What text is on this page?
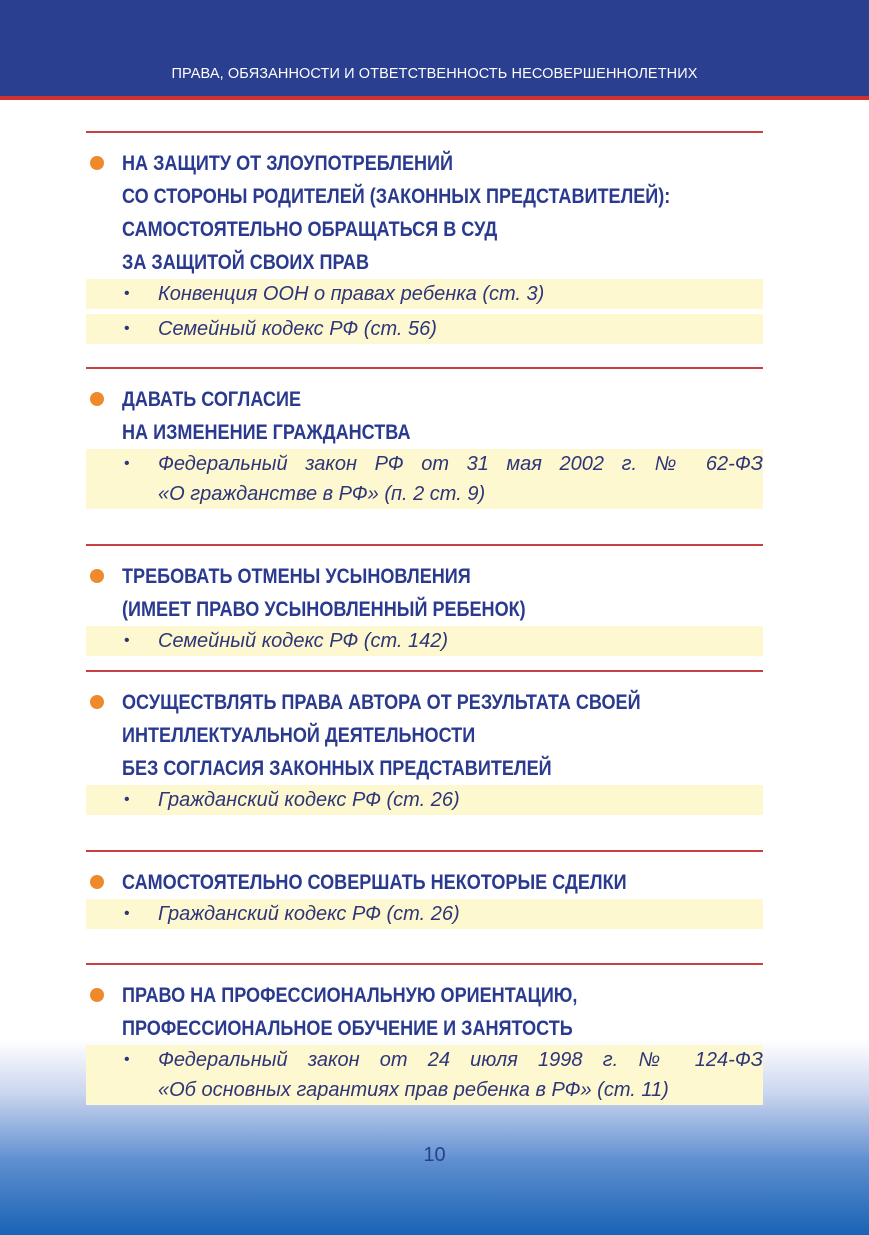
ПРАВА, ОБЯЗАННОСТИ И ОТВЕТСТВЕННОСТЬ НЕСОВЕРШЕННОЛЕТНИХ
НА ЗАЩИТУ ОТ ЗЛОУПОТРЕБЛЕНИЙ
СО СТОРОНЫ РОДИТЕЛЕЙ (ЗАКОННЫХ ПРЕДСТАВИТЕЛЕЙ):
САМОСТОЯТЕЛЬНО ОБРАЩАТЬСЯ В СУД
ЗА ЗАЩИТОЙ СВОИХ ПРАВ
• Конвенция ООН о правах ребенка (ст. 3)
• Семейный кодекс РФ (ст. 56)
ДАВАТЬ СОГЛАСИЕ
НА ИЗМЕНЕНИЕ ГРАЖДАНСТВА
• Федеральный закон РФ от 31 мая 2002 г. № 62-ФЗ
«О гражданстве в РФ» (п. 2 ст. 9)
ТРЕБОВАТЬ ОТМЕНЫ УСЫНОВЛЕНИЯ
(ИМЕЕТ ПРАВО УСЫНОВЛЕННЫЙ РЕБЕНОК)
• Семейный кодекс РФ (ст. 142)
ОСУЩЕСТВЛЯТЬ ПРАВА АВТОРА ОТ РЕЗУЛЬТАТА СВОЕЙ
ИНТЕЛЛЕКТУАЛЬНОЙ ДЕЯТЕЛЬНОСТИ
БЕЗ СОГЛАСИЯ ЗАКОННЫХ ПРЕДСТАВИТЕЛЕЙ
• Гражданский кодекс РФ (ст. 26)
САМОСТОЯТЕЛЬНО СОВЕРШАТЬ НЕКОТОРЫЕ СДЕЛКИ
• Гражданский кодекс РФ (ст. 26)
ПРАВО НА ПРОФЕССИОНАЛЬНУЮ ОРИЕНТАЦИЮ,
ПРОФЕССИОНАЛЬНОЕ ОБУЧЕНИЕ И ЗАНЯТОСТЬ
• Федеральный закон от 24 июля 1998 г. № 124-ФЗ
«Об основных гарантиях прав ребенка в РФ» (ст. 11)
10
